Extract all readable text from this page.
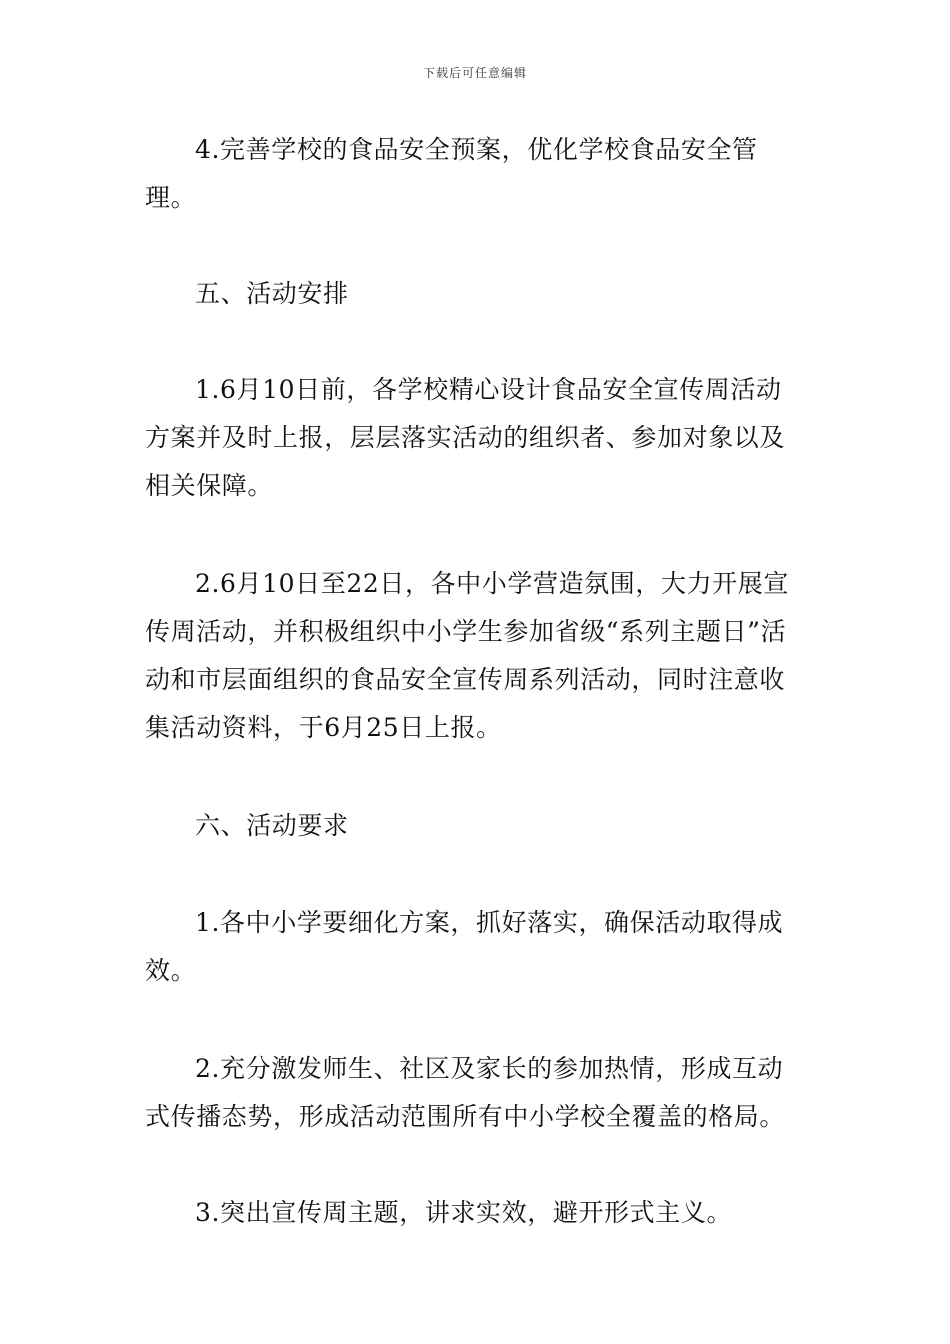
下载后可任意编辑

4.完善学校的食品安全预案，优化学校食品安全管理。

五、活动安排

1.6月10日前，各学校精心设计食品安全宣传周活动方案并及时上报，层层落实活动的组织者、参加对象以及相关保障。

2.6月10日至22日，各中小学营造氛围，大力开展宣传周活动，并积极组织中小学生参加省级“系列主题日”活动和市层面组织的食品安全宣传周系列活动，同时注意收集活动资料，于6月25日上报。

六、活动要求

1.各中小学要细化方案，抓好落实，确保活动取得成效。

2.充分激发师生、社区及家长的参加热情，形成互动式传播态势，形成活动范围所有中小学校全覆盖的格局。

3.突出宣传周主题，讲求实效，避开形式主义。
